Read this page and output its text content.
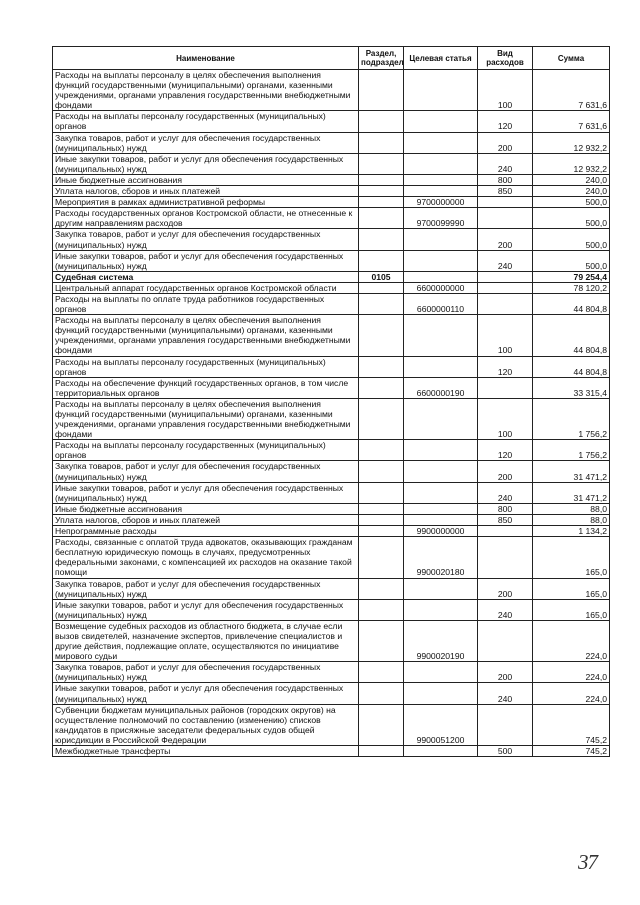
Наименование	Раздел, подраздел	Целевая статья	Вид расходов	Сумма
Расходы на выплаты персоналу в целях обеспечения выполнения функций государственными (муниципальными) органами, казенными учреждениями, органами управления государственными внебюджетными фондами			100	7 631,6
Расходы на выплаты персоналу государственных (муниципальных) органов			120	7 631,6
Закупка товаров, работ и услуг для обеспечения государственных (муниципальных) нужд			200	12 932,2
Иные закупки товаров, работ и услуг для обеспечения государственных (муниципальных) нужд			240	12 932,2
Иные бюджетные ассигнования			800	240,0
Уплата налогов, сборов и иных платежей			850	240,0
Мероприятия в рамках административной реформы		9700000000		500,0
Расходы государственных органов Костромской области, не отнесенные к другим направлениям расходов		9700099990		500,0
Закупка товаров, работ и услуг для обеспечения государственных (муниципальных) нужд			200	500,0
Иные закупки товаров, работ и услуг для обеспечения государственных (муниципальных) нужд			240	500,0
Судебная система	0105			79 254,4
Центральный аппарат государственных органов Костромской области		6600000000		78 120,2
Расходы на выплаты по оплате труда работников государственных органов		6600000110		44 804,8
Расходы на выплаты персоналу в целях обеспечения выполнения функций государственными (муниципальными) органами, казенными учреждениями, органами управления государственными внебюджетными фондами			100	44 804,8
Расходы на выплаты персоналу государственных (муниципальных) органов			120	44 804,8
Расходы на обеспечение функций государственных органов, в том числе территориальных органов		6600000190		33 315,4
Расходы на выплаты персоналу в целях обеспечения выполнения функций государственными (муниципальными) органами, казенными учреждениями, органами управления государственными внебюджетными фондами			100	1 756,2
Расходы на выплаты персоналу государственных (муниципальных) органов			120	1 756,2
Закупка товаров, работ и услуг для обеспечения государственных (муниципальных) нужд			200	31 471,2
Иные закупки товаров, работ и услуг для обеспечения государственных (муниципальных) нужд			240	31 471,2
Иные бюджетные ассигнования			800	88,0
Уплата налогов, сборов и иных платежей			850	88,0
Непрограммные расходы		9900000000		1 134,2
Расходы, связанные с оплатой труда адвокатов, оказывающих гражданам бесплатную юридическую помощь в случаях, предусмотренных федеральными законами, с компенсацией их расходов на оказание такой помощи		9900020180		165,0
Закупка товаров, работ и услуг для обеспечения государственных (муниципальных) нужд			200	165,0
Иные закупки товаров, работ и услуг для обеспечения государственных (муниципальных) нужд			240	165,0
Возмещение судебных расходов из областного бюджета, в случае если вызов свидетелей, назначение экспертов, привлечение специалистов и другие действия, подлежащие оплате, осуществляются по инициативе мирового судьи		9900020190		224,0
Закупка товаров, работ и услуг для обеспечения государственных (муниципальных) нужд			200	224,0
Иные закупки товаров, работ и услуг для обеспечения государственных (муниципальных) нужд			240	224,0
Субвенции бюджетам муниципальных районов (городских округов) на осуществление полномочий по составлению (изменению) списков кандидатов в присяжные заседатели федеральных судов общей юрисдикции в Российской Федерации		9900051200		745,2
Межбюджетные трансферты			500	745,2
37
